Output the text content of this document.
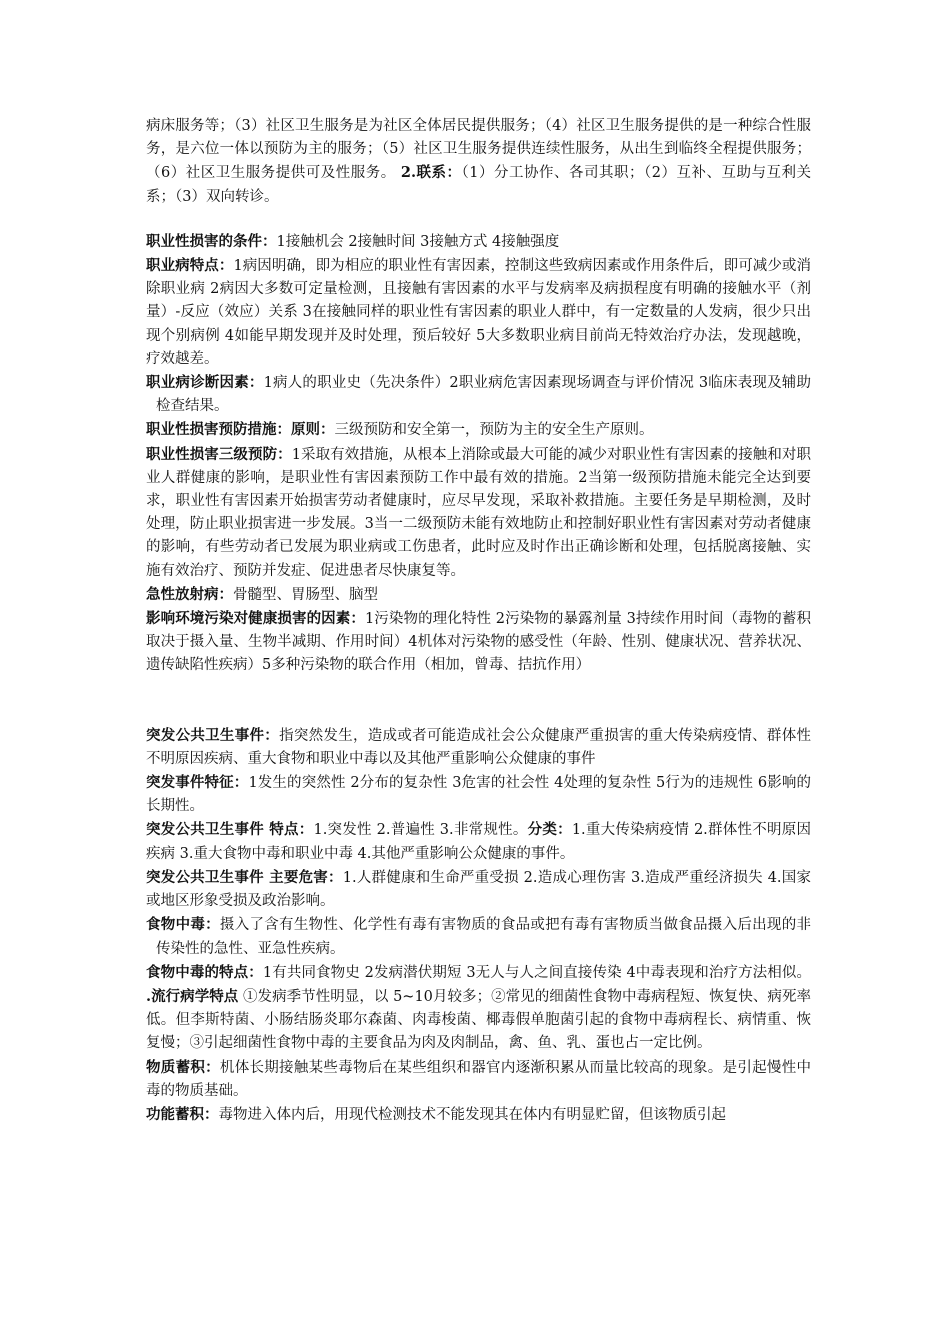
病床服务等；（3）社区卫生服务是为社区全体居民提供服务；（4）社区卫生服务提供的是一种综合性服务，是六位一体以预防为主的服务；（5）社区卫生服务提供连续性服务，从出生到临终全程提供服务；（6）社区卫生服务提供可及性服务。 2.联系：（1）分工协作、各司其职；（2）互补、互助与互利关系；（3）双向转诊。

职业性损害的条件：1接触机会 2接触时间 3接触方式 4接触强度

职业病特点：1病因明确，即为相应的职业性有害因素，控制这些致病因素或作用条件后，即可减少或消除职业病 2病因大多数可定量检测，且接触有害因素的水平与发病率及病损程度有明确的接触水平（剂量）-反应（效应）关系 3在接触同样的职业性有害因素的职业人群中，有一定数量的人发病，很少只出现个别病例 4如能早期发现并及时处理，预后较好 5大多数职业病目前尚无特效治疗办法，发现越晚，疗效越差。

职业病诊断因素：1病人的职业史（先决条件）2职业病危害因素现场调查与评价情况 3临床表现及辅助检查结果。

职业性损害预防措施：原则：三级预防和安全第一，预防为主的安全生产原则。

职业性损害三级预防：1采取有效措施，从根本上消除或最大可能的减少对职业性有害因素的接触和对职业人群健康的影响，是职业性有害因素预防工作中最有效的措施。2当第一级预防措施未能完全达到要求，职业性有害因素开始损害劳动者健康时，应尽早发现，采取补救措施。主要任务是早期检测，及时处理，防止职业损害进一步发展。3当一二级预防未能有效地防止和控制好职业性有害因素对劳动者健康的影响，有些劳动者已发展为职业病或工伤患者，此时应及时作出正确诊断和处理，包括脱离接触、实施有效治疗、预防并发症、促进患者尽快康复等。

急性放射病：骨髓型、胃肠型、脑型

影响环境污染对健康损害的因素：1污染物的理化特性 2污染物的暴露剂量 3持续作用时间（毒物的蓄积取决于摄入量、生物半减期、作用时间）4机体对污染物的感受性（年龄、性别、健康状况、营养状况、遗传缺陷性疾病）5多种污染物的联合作用（相加，曾毒、拮抗作用）

突发公共卫生事件：指突然发生，造成或者可能造成社会公众健康严重损害的重大传染病疫情、群体性不明原因疾病、重大食物和职业中毒以及其他严重影响公众健康的事件

突发事件特征：1发生的突然性 2分布的复杂性 3危害的社会性 4处理的复杂性 5行为的违规性 6影响的长期性。

突发公共卫生事件 特点：1.突发性 2.普遍性 3.非常规性。分类：1.重大传染病疫情 2.群体性不明原因疾病 3.重大食物中毒和职业中毒 4.其他严重影响公众健康的事件。

突发公共卫生事件 主要危害：1.人群健康和生命严重受损 2.造成心理伤害 3.造成严重经济损失 4.国家或地区形象受损及政治影响。

食物中毒：摄入了含有生物性、化学性有毒有害物质的食品或把有毒有害物质当做食品摄入后出现的非传染性的急性、亚急性疾病。

食物中毒的特点：1有共同食物史 2发病潜伏期短 3无人与人之间直接传染 4中毒表现和治疗方法相似。 .流行病学特点 ①发病季节性明显，以 5~10月较多；②常见的细菌性食物中毒病程短、恢复快、病死率低。但李斯特菌、小肠结肠炎耶尔森菌、肉毒梭菌、椰毒假单胞菌引起的食物中毒病程长、病情重、恢复慢；③引起细菌性食物中毒的主要食品为肉及肉制品，禽、鱼、乳、蛋也占一定比例。

物质蓄积：机体长期接触某些毒物后在某些组织和器官内逐渐积累从而量比较高的现象。是引起慢性中毒的物质基础。

功能蓄积：毒物进入体内后，用现代检测技术不能发现其在体内有明显贮留，但该物质引起
